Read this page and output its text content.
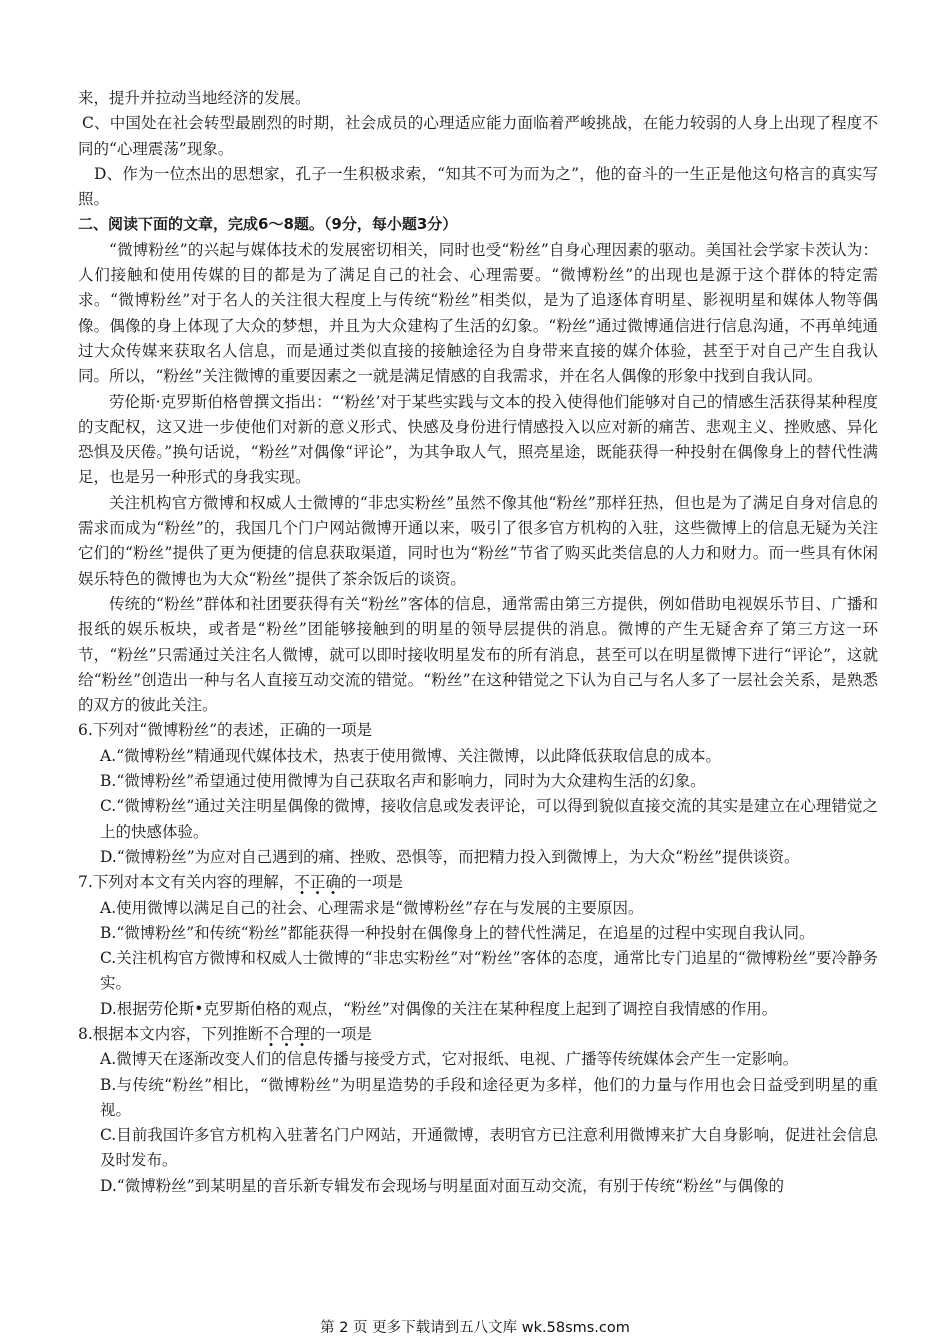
来，提升并拉动当地经济的发展。

C、中国处在社会转型最剧烈的时期，社会成员的心理适应能力面临着严峻挑战，在能力较弱的人身上出现了程度不同的“心理震荡”现象。

D、作为一位杰出的思想家，孔子一生积极求索，“知其不可为而为之”，他的奋斗的一生正是他这句格言的真实写照。

二、阅读下面的文章，完成6～8题。（9分，每小题3分）

“微博粉丝”的兴起与媒体技术的发展密切相关，同时也受“粉丝”自身心理因素的驱动。美国社会学家卡茨认为：人们接触和使用传媒的目的都是为了满足自己的社会、心理需要。“微博粉丝”的出现也是源于这个群体的特定需求。“微博粉丝”对于名人的关注很大程度上与传统“粉丝”相类似，是为了追逐体育明星、影视明星和媒体人物等偶像。偶像的身上体现了大众的梦想，并且为大众建构了生活的幻象。“粉丝”通过微博通信进行信息沟通，不再单纯通过大众传媒来获取名人信息，而是通过类似直接的接触途径为自身带来直接的媒介体验，甚至于对自己产生自我认同。所以，“粉丝”关注微博的重要因素之一就是满足情感的自我需求，并在名人偶像的形象中找到自我认同。

劳伦斯·克罗斯伯格曾撰文指出：“‘粉丝’对于某些实践与文本的投入使得他们能够对自己的情感生活获得某种程度的支配权，这又进一步使他们对新的意义形式、快感及身份进行情感投入以应对新的痛苦、悲观主义、挫败感、异化恐惧及厌倦。”换句话说，“粉丝”对偶像“评论”，为其争取人气，照亮星途，既能获得一种投射在偶像身上的替代性满足，也是另一种形式的身我实现。

关注机构官方微博和权威人士微博的“非忠实粉丝”虽然不像其他“粉丝”那样狂热，但也是为了满足自身对信息的需求而成为“粉丝”的，我国几个门户网站微博开通以来，吸引了很多官方机构的入驻，这些微博上的信息无疑为关注它们的“粉丝”提供了更为便捷的信息获取渠道，同时也为“粉丝”节省了购买此类信息的人力和财力。而一些具有休闲娱乐特色的微博也为大众“粉丝”提供了茶余饭后的谈资。

传统的“粉丝”群体和社团要获得有关“粉丝”客体的信息，通常需由第三方提供，例如借助电视娱乐节目、广播和报纸的娱乐板块，或者是“粉丝”团能够接触到的明星的领导层提供的消息。微博的产生无疑舍弃了第三方这一环节，“粉丝”只需通过关注名人微博，就可以即时接收明星发布的所有消息，甚至可以在明星微博下进行“评论”，这就给“粉丝”创造出一种与名人直接互动交流的错觉。“粉丝”在这种错觉之下认为自己与名人多了一层社会关系，是熟悉的双方的彼此关注。

6.下列对“微博粉丝”的表述，正确的一项是

A.“微博粉丝”精通现代媒体技术，热衷于使用微博、关注微博，以此降低获取信息的成本。

B.“微博粉丝”希望通过使用微博为自己获取名声和影响力，同时为大众建构生活的幻象。

C.“微博粉丝”通过关注明星偶像的微博，接收信息或发表评论，可以得到貌似直接交流的其实是建立在心理错觉之上的快感体验。

D.“微博粉丝”为应对自己遇到的痛、挫败、恐惧等，而把精力投入到微博上，为大众“粉丝”提供谈资。

7.下列对本文有关内容的理解，不正确的一项是

A.使用微博以满足自己的社会、心理需求是“微博粉丝”存在与发展的主要原因。

B.“微博粉丝”和传统“粉丝”都能获得一种投射在偶像身上的替代性满足，在追星的过程中实现自我认同。

C.关注机构官方微博和权威人士微博的“非忠实粉丝”对“粉丝”客体的态度，通常比专门追星的“微博粉丝”要冷静务实。

D.根据劳伦斯•克罗斯伯格的观点，“粉丝”对偶像的关注在某种程度上起到了调控自我情感的作用。

8.根据本文内容，下列推断不合理的一项是

A.微博天在逐渐改变人们的信息传播与接受方式，它对报纸、电视、广播等传统媒体会产生一定影响。

B.与传统“粉丝”相比，“微博粉丝”为明星造势的手段和途径更为多样，他们的力量与作用也会日益受到明星的重视。

C.目前我国许多官方机构入驻著名门户网站，开通微博，表明官方已注意利用微博来扩大自身影响，促进社会信息及时发布。

D.“微博粉丝”到某明星的音乐新专辑发布会现场与明星面对面互动交流，有别于传统“粉丝”与偶像的

第 2 页 更多下载请到五八文库 wk.58sms.com
